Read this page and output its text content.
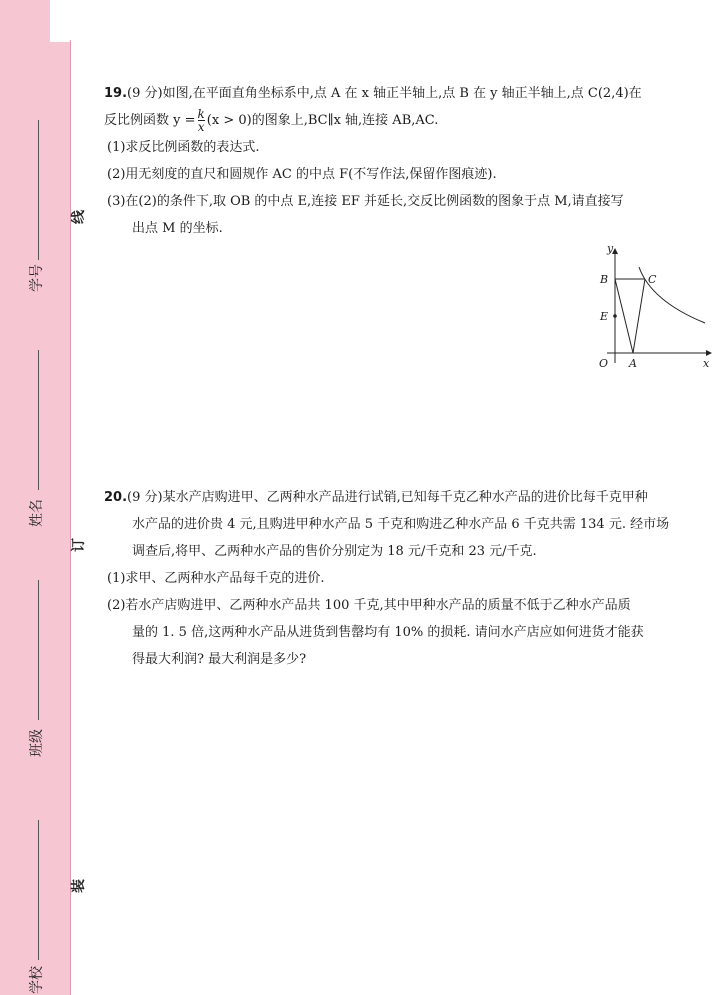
学校
班级
姓名
学号
装
订
线
19.(9 分)如图,在平面直角坐标系中,点 A 在 x 轴正半轴上,点 B 在 y 轴正半轴上,点 C(2,4)在
反比例函数 $y = \frac{k}{x} (x > 0)$的图象上,BC∥x 轴,连接 AB,AC.
(1)求反比例函数的表达式.
(2)用无刻度的直尺和圆规作 AC 的中点 F(不写作法,保留作图痕迹).
(3)在(2)的条件下,取 OB 的中点 E,连接 EF 并延长,交反比例函数的图象于点 M,请直接写
出点 M 的坐标.
y
x
O A
B	C
E
20.(9 分)某水产店购进甲、乙两种水产品进行试销,已知每千克乙种水产品的进价比每千克甲种
水产品的进价贵 4 元,且购进甲种水产品 5 千克和购进乙种水产品 6 千克共需 134 元. 经市场
调查后,将甲、乙两种水产品的售价分别定为 18 元/千克和 23 元/千克.
(1)求甲、乙两种水产品每千克的进价.
(2)若水产店购进甲、乙两种水产品共 100 千克,其中甲种水产品的质量不低于乙种水产品质
量的 1. 5 倍,这两种水产品从进货到售罄均有 10% 的损耗. 请问水产店应如何进货才能获
得最大利润? 最大利润是多少?
